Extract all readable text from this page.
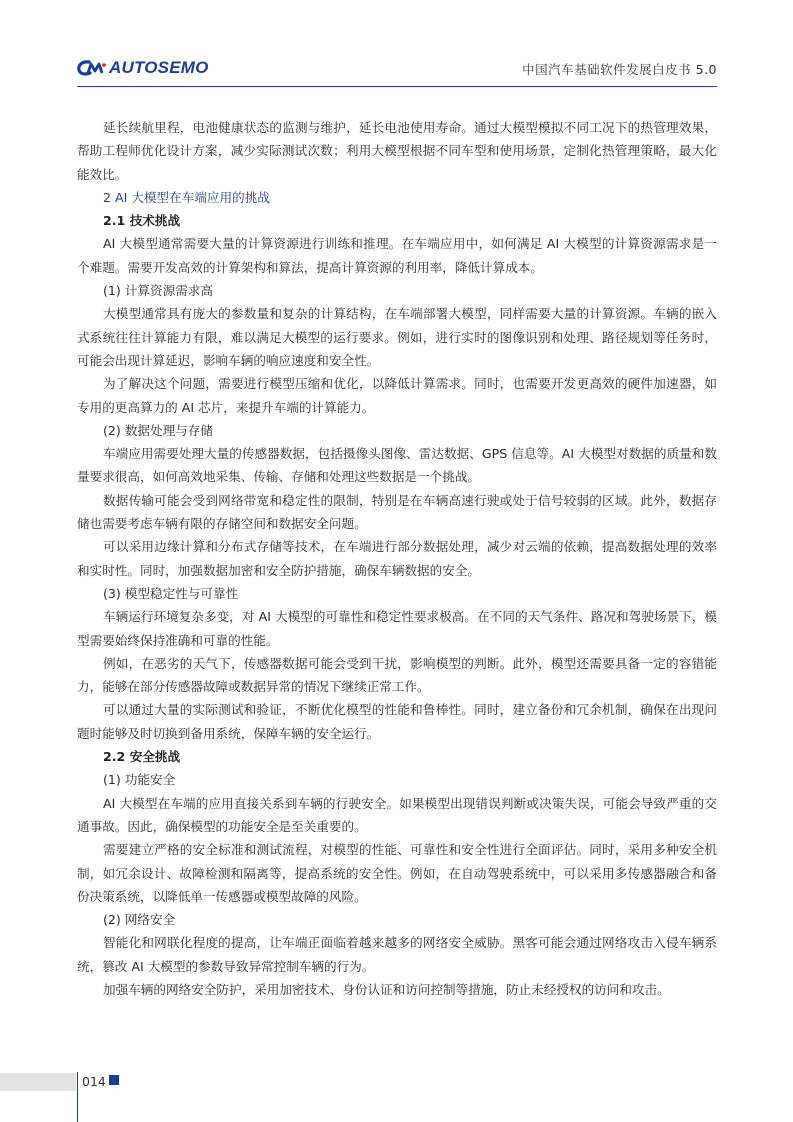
AUTOSEMO	中国汽车基础软件发展白皮书 5.0

延长续航里程，电池健康状态的监测与维护，延长电池使用寿命。通过大模型模拟不同工况下的热管理效果，帮助工程师优化设计方案，减少实际测试次数；利用大模型根据不同车型和使用场景，定制化热管理策略，最大化能效比。

2 AI 大模型在车端应用的挑战

2.1 技术挑战

AI 大模型通常需要大量的计算资源进行训练和推理。在车端应用中，如何满足 AI 大模型的计算资源需求是一个难题。需要开发高效的计算架构和算法，提高计算资源的利用率，降低计算成本。

(1) 计算资源需求高

大模型通常具有庞大的参数量和复杂的计算结构，在车端部署大模型，同样需要大量的计算资源。车辆的嵌入式系统往往计算能力有限，难以满足大模型的运行要求。例如，进行实时的图像识别和处理、路径规划等任务时，可能会出现计算延迟，影响车辆的响应速度和安全性。

为了解决这个问题，需要进行模型压缩和优化，以降低计算需求。同时，也需要开发更高效的硬件加速器，如专用的更高算力的 AI 芯片，来提升车端的计算能力。

(2) 数据处理与存储

车端应用需要处理大量的传感器数据，包括摄像头图像、雷达数据、GPS 信息等。AI 大模型对数据的质量和数量要求很高，如何高效地采集、传输、存储和处理这些数据是一个挑战。

数据传输可能会受到网络带宽和稳定性的限制，特别是在车辆高速行驶或处于信号较弱的区域。此外，数据存储也需要考虑车辆有限的存储空间和数据安全问题。

可以采用边缘计算和分布式存储等技术，在车端进行部分数据处理，减少对云端的依赖，提高数据处理的效率和实时性。同时，加强数据加密和安全防护措施，确保车辆数据的安全。

(3) 模型稳定性与可靠性

车辆运行环境复杂多变，对 AI 大模型的可靠性和稳定性要求极高。在不同的天气条件、路况和驾驶场景下，模型需要始终保持准确和可靠的性能。

例如，在恶劣的天气下，传感器数据可能会受到干扰，影响模型的判断。此外，模型还需要具备一定的容错能力，能够在部分传感器故障或数据异常的情况下继续正常工作。

可以通过大量的实际测试和验证，不断优化模型的性能和鲁棒性。同时，建立备份和冗余机制，确保在出现问题时能够及时切换到备用系统，保障车辆的安全运行。

2.2 安全挑战

(1) 功能安全

AI 大模型在车端的应用直接关系到车辆的行驶安全。如果模型出现错误判断或决策失误，可能会导致严重的交通事故。因此，确保模型的功能安全是至关重要的。

需要建立严格的安全标准和测试流程，对模型的性能、可靠性和安全性进行全面评估。同时，采用多种安全机制，如冗余设计、故障检测和隔离等，提高系统的安全性。例如，在自动驾驶系统中，可以采用多传感器融合和备份决策系统，以降低单一传感器或模型故障的风险。

(2) 网络安全

智能化和网联化程度的提高，让车端正面临着越来越多的网络安全威胁。黑客可能会通过网络攻击入侵车辆系统，篡改 AI 大模型的参数导致异常控制车辆的行为。

加强车辆的网络安全防护，采用加密技术、身份认证和访问控制等措施，防止未经授权的访问和攻击。

014
